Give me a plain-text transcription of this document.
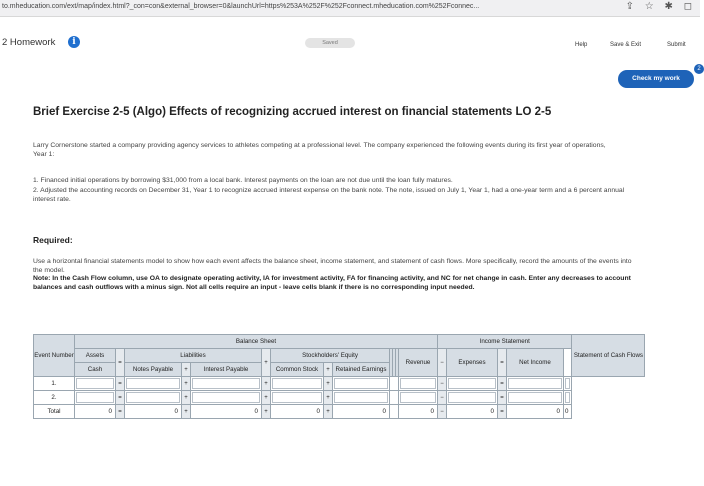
to.mheducation.com/ext/map/index.html?_con=con&external_browser=0&launchUrl=https%253A%252F%252Fconnect.mheducation.com%252Fconnec...	⇪ ☆ ✱ ◻
2 Homework	i	Saved	Help	Save & Exit	Submit
Check my work
2
Brief Exercise 2-5 (Algo) Effects of recognizing accrued interest on financial statements LO 2-5
Larry Cornerstone started a company providing agency services to athletes competing at a professional level. The company experienced the following events during its first year of operations, Year 1:
1. Financed initial operations by borrowing $31,000 from a local bank. Interest payments on the loan are not due until the loan fully matures.
2. Adjusted the accounting records on December 31, Year 1 to recognize accrued interest expense on the bank note. The note, issued on July 1, Year 1, had a one-year term and a 6 percent annual interest rate.
Required:
Use a horizontal financial statements model to show how each event affects the balance sheet, income statement, and statement of cash flows. More specifically, record the amounts of the events into the model.
Note: In the Cash Flow column, use OA to designate operating activity, IA for investment activity, FA for financing activity, and NC for net change in cash. Enter any decreases to account balances and cash outflows with a minus sign. Not all cells require an input - leave cells blank if there is no corresponding input needed.
Event Number	Balance Sheet													Income Statement					Statement of Cash Flows
	Assets	=	Liabilities			+	Stockholders' Equity						Revenue	−	Expenses	=	Net Income		
	Cash		Notes Payable	+	Interest Payable		Common Stock	+	Retained Earnings										
1.		=		+		+		+						−		=		

2.		=		+		+		+						−		=		

Total	0	=	0	+	0	+	0	+	0				0	−	0	=	0	0	
